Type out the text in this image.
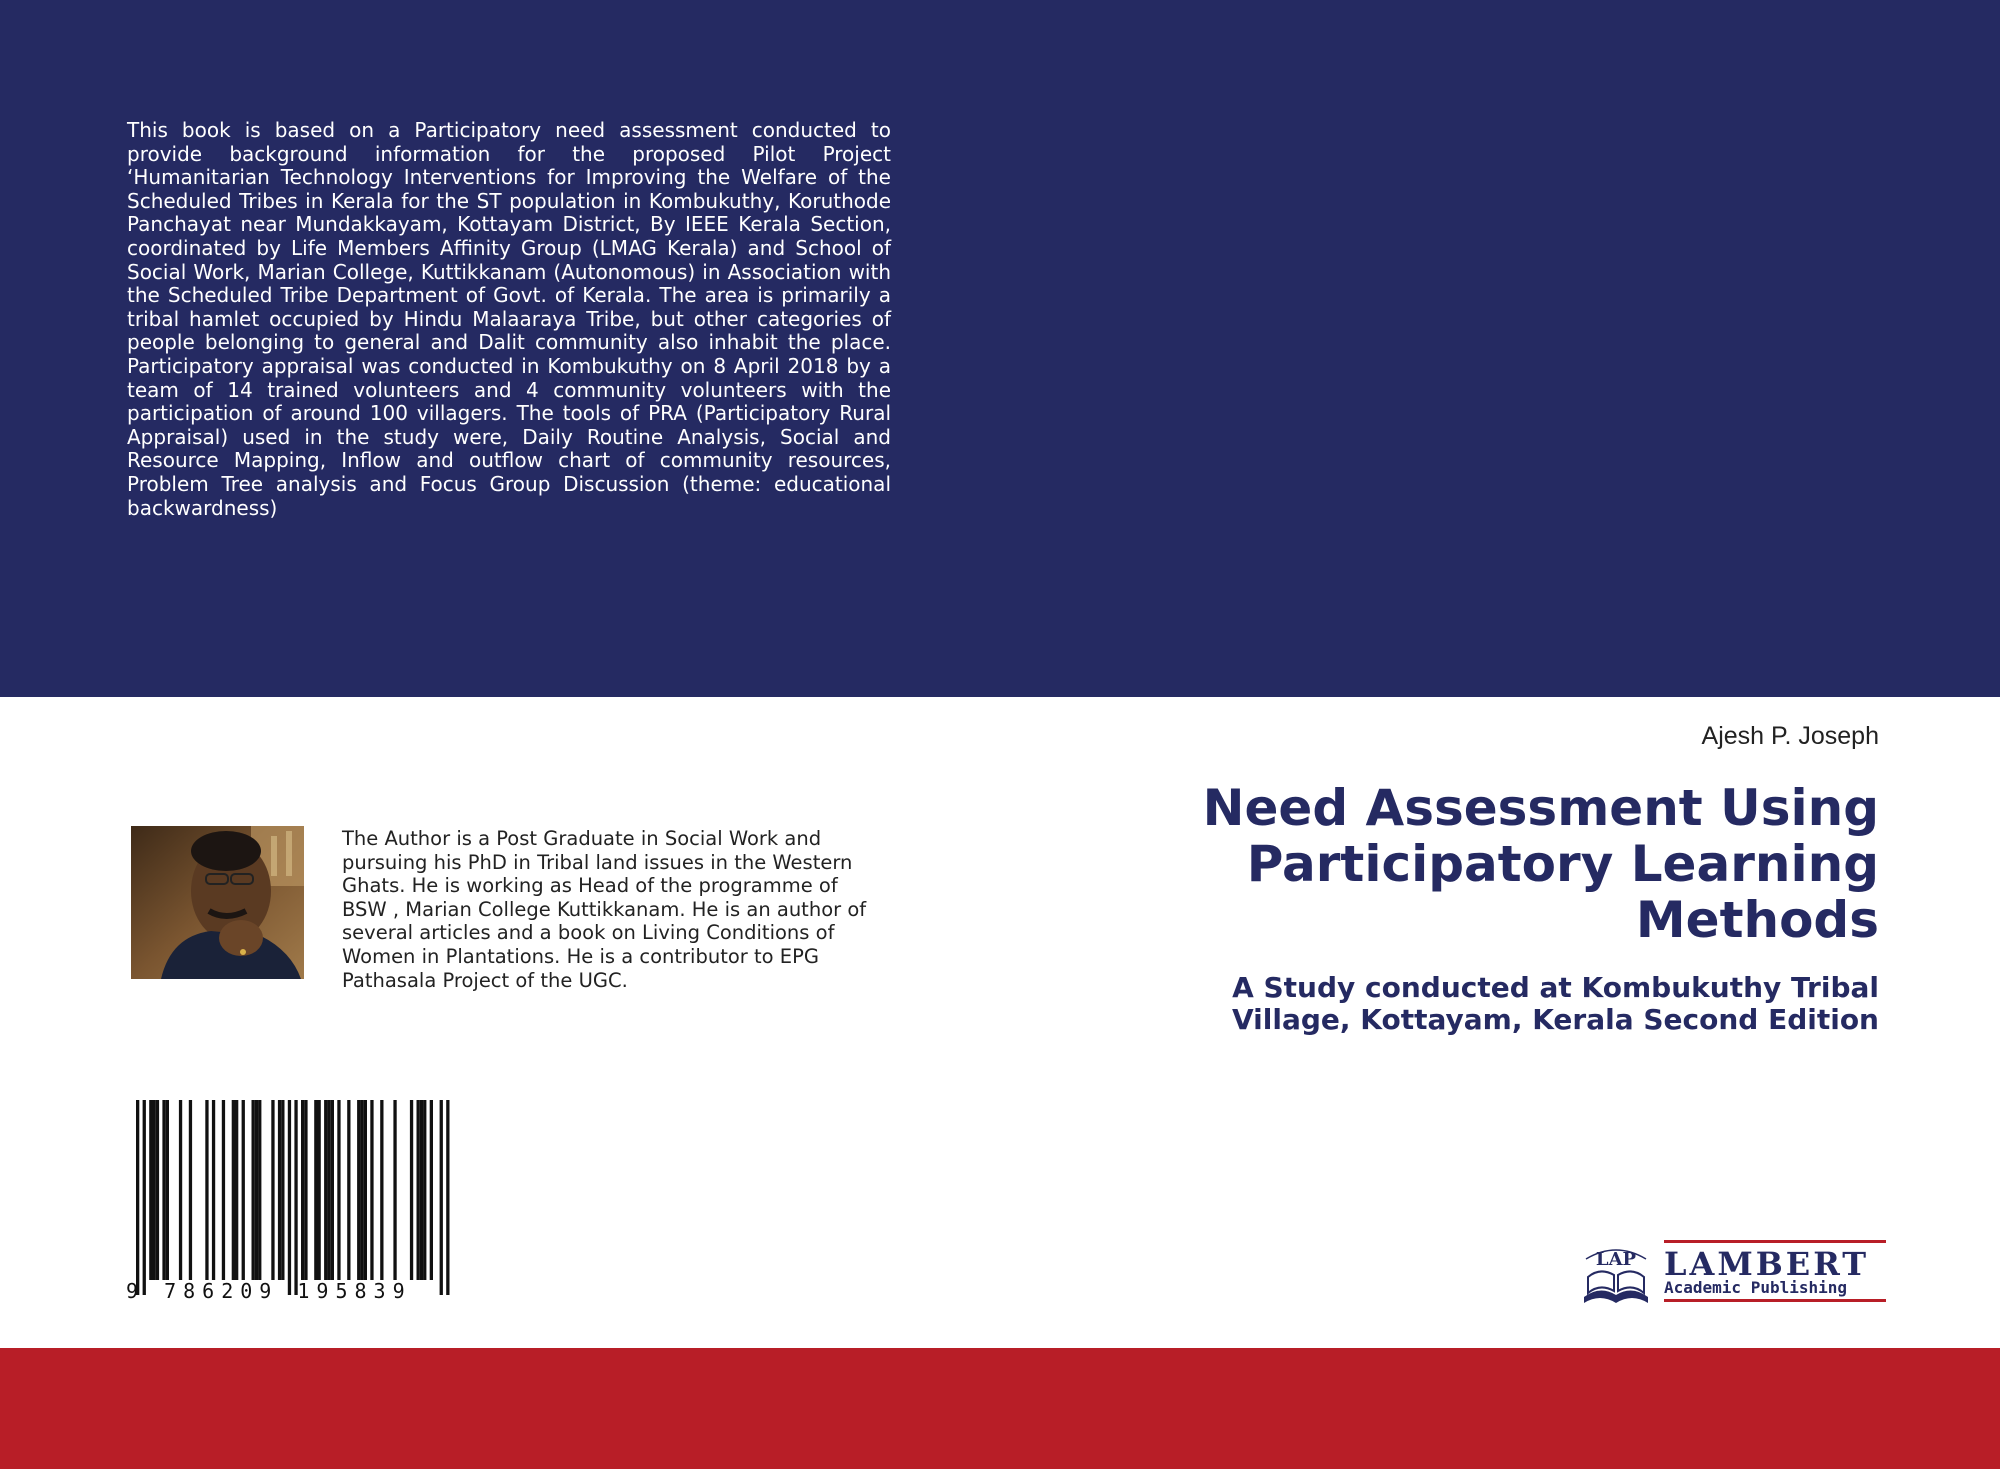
This book is based on a Participatory need assessment conducted to provide background information for the proposed Pilot Project ‘Humanitarian Technology Interventions for Improving the Welfare of the Scheduled Tribes in Kerala for the ST population in Kombukuthy, Koruthode Panchayat near Mundakkayam, Kottayam District, By IEEE Kerala Section, coordinated by Life Members Affinity Group (LMAG Kerala) and School of Social Work, Marian College, Kuttikkanam (Autonomous) in Association with the Scheduled Tribe Department of Govt. of Kerala. The area is primarily a tribal hamlet occupied by Hindu Malaaraya Tribe, but other categories of people belonging to general and Dalit community also inhabit the place. Participatory appraisal was conducted in Kombukuthy on 8 April 2018 by a team of 14 trained volunteers and 4 community volunteers with the participation of around 100 villagers. The tools of PRA (Participatory Rural Appraisal) used in the study were, Daily Routine Analysis, Social and Resource Mapping, Inflow and outflow chart of community resources, Problem Tree analysis and Focus Group Discussion (theme: educational backwardness)

Ajesh P. Joseph
Need Assessment Using Participatory Learning Methods
A Study conducted at Kombukuthy Tribal Village, Kottayam, Kerala Second Edition

The Author is a Post Graduate in Social Work and pursuing his PhD in Tribal land issues in the Western Ghats. He is working as Head of the programme of BSW , Marian College Kuttikkanam. He is an author of several articles and a book on Living Conditions of Women in Plantations. He is a contributor to EPG Pathasala Project of the UGC.

9 786209 195839
LAP LAMBERT
Academic Publishing
